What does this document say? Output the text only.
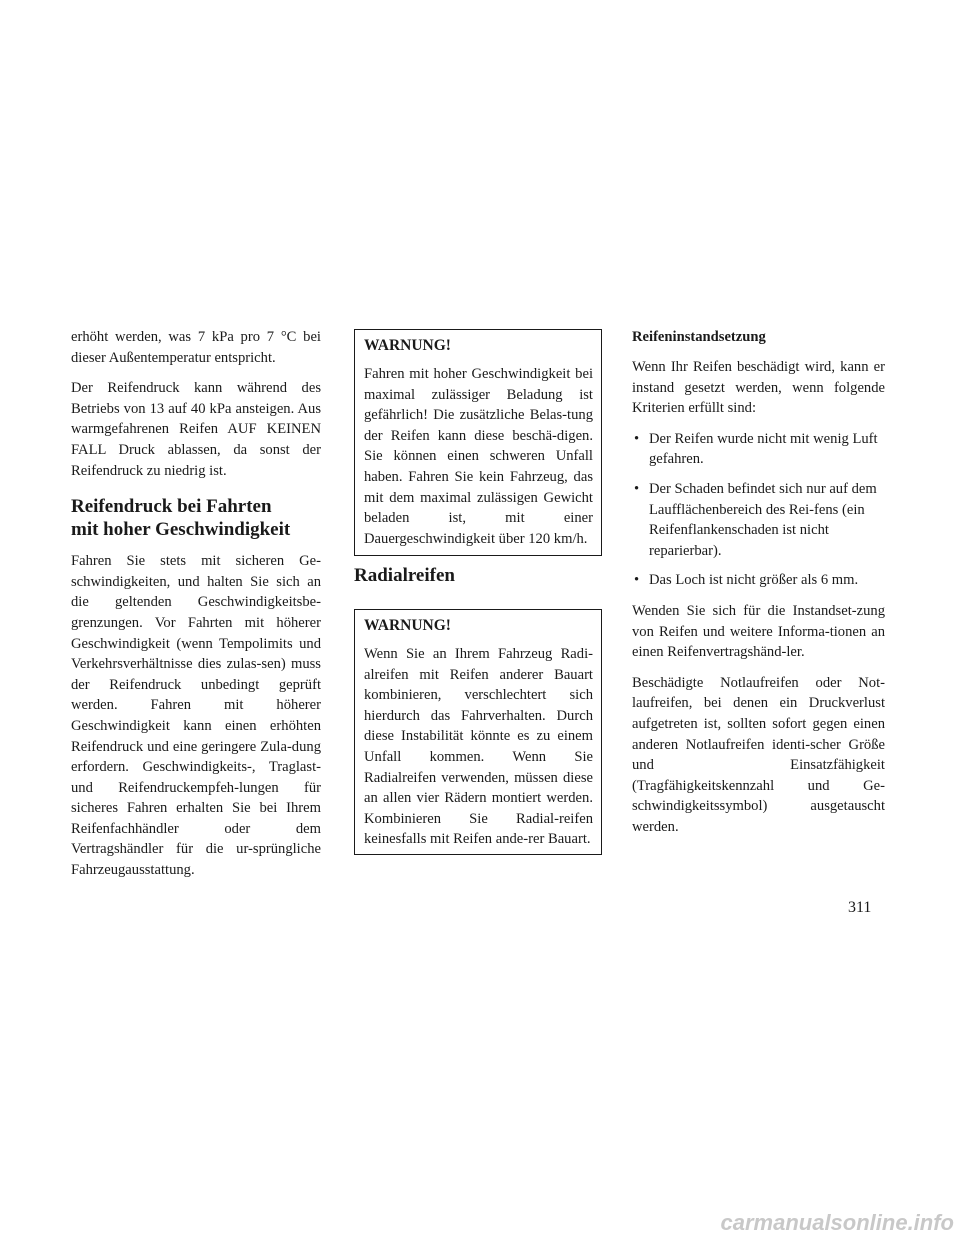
erhöht werden, was 7 kPa pro 7 °C bei dieser Außentemperatur entspricht.

Der Reifendruck kann während des Betriebs von 13 auf 40 kPa ansteigen. Aus warmgefahrenen Reifen AUF KEINEN FALL Druck ablassen, da sonst der Reifendruck zu niedrig ist.

Reifendruck bei Fahrten
mit hoher Geschwindigkeit

Fahren Sie stets mit sicheren Ge-schwindigkeiten, und halten Sie sich an die geltenden Geschwindigkeitsbe-grenzungen. Vor Fahrten mit höherer Geschwindigkeit (wenn Tempolimits und Verkehrsverhältnisse dies zulas-sen) muss der Reifendruck unbedingt geprüft werden. Fahren mit höherer Geschwindigkeit kann einen erhöhten Reifendruck und eine geringere Zula-dung erfordern. Geschwindigkeits-, Traglast- und Reifendruckempfeh-lungen für sicheres Fahren erhalten Sie bei Ihrem Reifenfachhändler oder dem Vertragshändler für die ur-sprüngliche Fahrzeugausstattung.

WARNUNG!

Fahren mit hoher Geschwindigkeit bei maximal zulässiger Beladung ist gefährlich! Die zusätzliche Belas-tung der Reifen kann diese beschä-digen. Sie können einen schweren Unfall haben. Fahren Sie kein Fahrzeug, das mit dem maximal zulässigen Gewicht beladen ist, mit einer Dauergeschwindigkeit über 120 km/h.

Radialreifen
WARNUNG!

Wenn Sie an Ihrem Fahrzeug Radi-alreifen mit Reifen anderer Bauart kombinieren, verschlechtert sich hierdurch das Fahrverhalten. Durch diese Instabilität könnte es zu einem Unfall kommen. Wenn Sie Radialreifen verwenden, müssen diese an allen vier Rädern montiert werden. Kombinieren Sie Radial-reifen keinesfalls mit Reifen ande-rer Bauart.

Reifeninstandsetzung

Wenn Ihr Reifen beschädigt wird, kann er instand gesetzt werden, wenn folgende Kriterien erfüllt sind:

• Der Reifen wurde nicht mit wenig Luft gefahren.
• Der Schaden befindet sich nur auf dem Laufflächenbereich des Rei-fens (ein Reifenflankenschaden ist nicht reparierbar).
• Das Loch ist nicht größer als 6 mm.

Wenden Sie sich für die Instandset-zung von Reifen und weitere Informa-tionen an einen Reifenvertragshänd-ler.

Beschädigte Notlaufreifen oder Not-laufreifen, bei denen ein Druckverlust aufgetreten ist, sollten sofort gegen einen anderen Notlaufreifen identi-scher Größe und Einsatzfähigkeit (Tragfähigkeitskennzahl und Ge-schwindigkeitssymbol) ausgetauscht werden.

311
carmanualsonline.info
